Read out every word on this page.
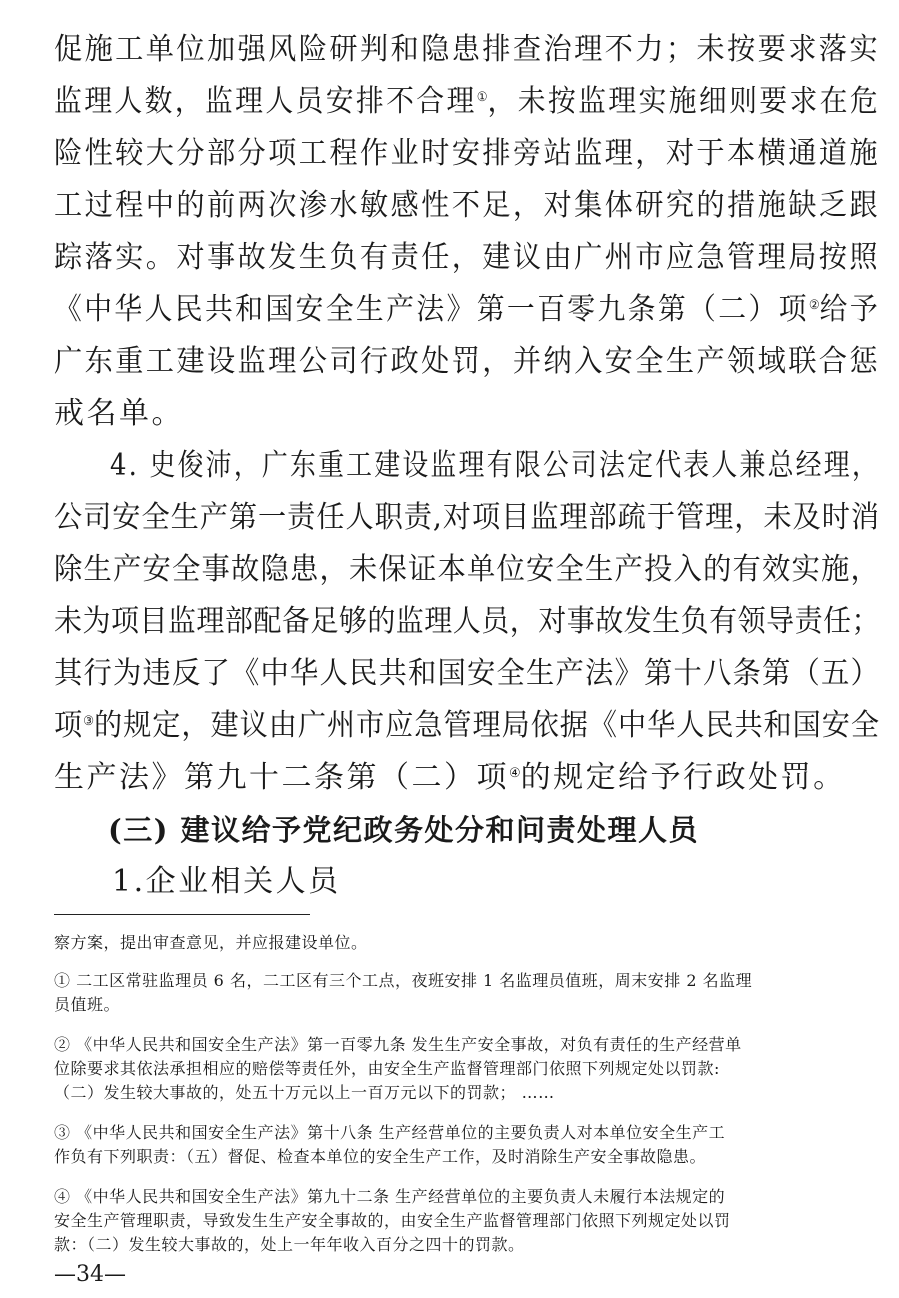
促施工单位加强风险研判和隐患排查治理不力；未按要求落实
监理人数，监理人员安排不合理①，未按监理实施细则要求在危
险性较大分部分项工程作业时安排旁站监理，对于本横通道施
工过程中的前两次渗水敏感性不足，对集体研究的措施缺乏跟
踪落实。对事故发生负有责任，建议由广州市应急管理局按照
《中华人民共和国安全生产法》第一百零九条第（二）项②给予
广东重工建设监理公司行政处罚，并纳入安全生产领域联合惩
戒名单。
4. 史俊沛，广东重工建设监理有限公司法定代表人兼总经理，
公司安全生产第一责任人职责,对项目监理部疏于管理，未及时消
除生产安全事故隐患，未保证本单位安全生产投入的有效实施，
未为项目监理部配备足够的监理人员，对事故发生负有领导责任；
其行为违反了《中华人民共和国安全生产法》第十八条第（五）
项③的规定，建议由广州市应急管理局依据《中华人民共和国安全
生产法》第九十二条第（二）项④的规定给予行政处罚。
(三) 建议给予党纪政务处分和问责处理人员
1.企业相关人员
察方案，提出审查意见，并应报建设单位。
① 二工区常驻监理员 6 名，二工区有三个工点，夜班安排 1 名监理员值班，周末安排 2 名监理
员值班。
② 《中华人民共和国安全生产法》第一百零九条 发生生产安全事故，对负有责任的生产经营单
位除要求其依法承担相应的赔偿等责任外，由安全生产监督管理部门依照下列规定处以罚款:
（二）发生较大事故的，处五十万元以上一百万元以下的罚款； ……
③ 《中华人民共和国安全生产法》第十八条 生产经营单位的主要负责人对本单位安全生产工
作负有下列职责：（五）督促、检查本单位的安全生产工作，及时消除生产安全事故隐患。
④ 《中华人民共和国安全生产法》第九十二条 生产经营单位的主要负责人未履行本法规定的
安全生产管理职责，导致发生生产安全事故的，由安全生产监督管理部门依照下列规定处以罚
款：（二）发生较大事故的，处上一年年收入百分之四十的罚款。
—34—
